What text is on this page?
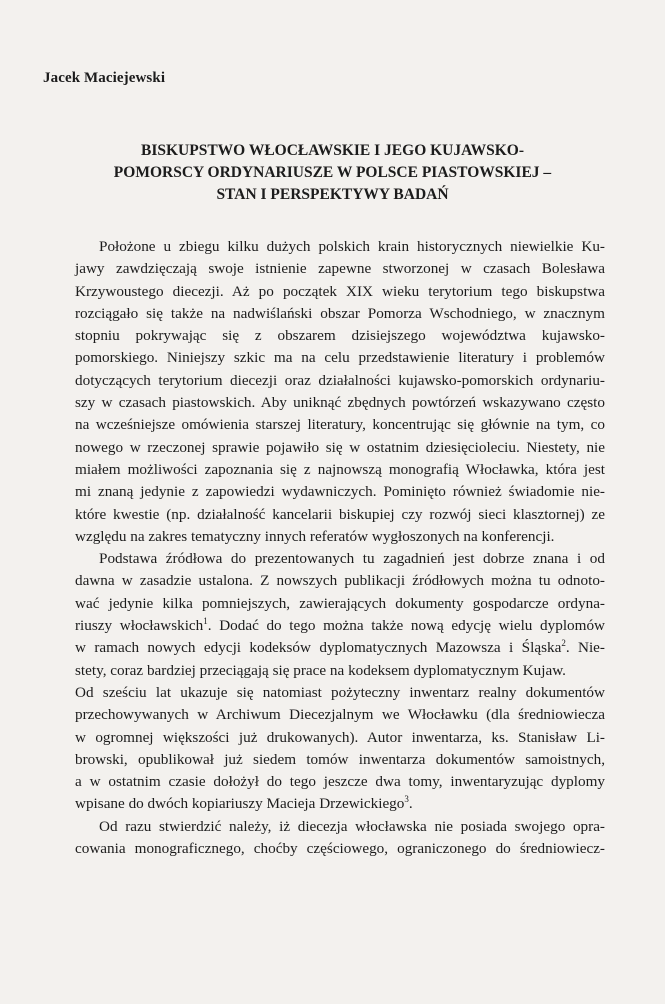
Jacek Maciejewski
BISKUPSTWO WŁOCŁAWSKIE I JEGO KUJAWSKO-
POMORSCY ORDYNARIUSZE W POLSCE PIASTOWSKIEJ –
STAN I PERSPEKTYWY BADAŃ
Położone u zbiegu kilku dużych polskich krain historycznych niewielkie Ku-
jawy zawdzięczają swoje istnienie zapewne stworzonej w czasach Bolesława
Krzywoustego diecezji. Aż po początek XIX wieku terytorium tego biskupstwa
rozciągało się także na nadwiślański obszar Pomorza Wschodniego, w znacznym
stopniu pokrywając się z obszarem dzisiejszego województwa kujawsko-
pomorskiego. Niniejszy szkic ma na celu przedstawienie literatury i problemów
dotyczących terytorium diecezji oraz działalności kujawsko-pomorskich ordynariu-
szy w czasach piastowskich. Aby uniknąć zbędnych powtórzeń wskazywano często
na wcześniejsze omówienia starszej literatury, koncentrując się głównie na tym, co
nowego w rzeczonej sprawie pojawiło się w ostatnim dziesięcioleciu. Niestety, nie
miałem możliwości zapoznania się z najnowszą monografią Włocławka, która jest
mi znaną jedynie z zapowiedzi wydawniczych. Pominięto również świadomie nie-
które kwestie (np. działalność kancelarii biskupiej czy rozwój sieci klasztornej) ze
względu na zakres tematyczny innych referatów wygłoszonych na konferencji.
Podstawa źródłowa do prezentowanych tu zagadnień jest dobrze znana i od
dawna w zasadzie ustalona. Z nowszych publikacji źródłowych można tu odnoto-
wać jedynie kilka pomniejszych, zawierających dokumenty gospodarcze ordyna-
riuszy włocławskich$^1$. Dodać do tego można także nową edycję wielu dyplomów
w ramach nowych edycji kodeksów dyplomatycznych Mazowsza i Śląska$^2$. Nie-
stety, coraz bardziej przeciągają się prace na kodeksem dyplomatycznym Kujaw.
Od sześciu lat ukazuje się natomiast pożyteczny inwentarz realny dokumentów
przechowywanych w Archiwum Diecezjalnym we Włocławku (dla średniowiecza
w ogromnej większości już drukowanych). Autor inwentarza, ks. Stanisław Li-
browski, opublikował już siedem tomów inwentarza dokumentów samoistnych,
a w ostatnim czasie dołożył do tego jeszcze dwa tomy, inwentaryzując dyplomy
wpisane do dwóch kopiariuszy Macieja Drzewickiego$^3$.
Od razu stwierdzić należy, iż diecezja włocławska nie posiada swojego opra-
cowania monograficznego, choćby częściowego, ograniczonego do średniowiecz-
